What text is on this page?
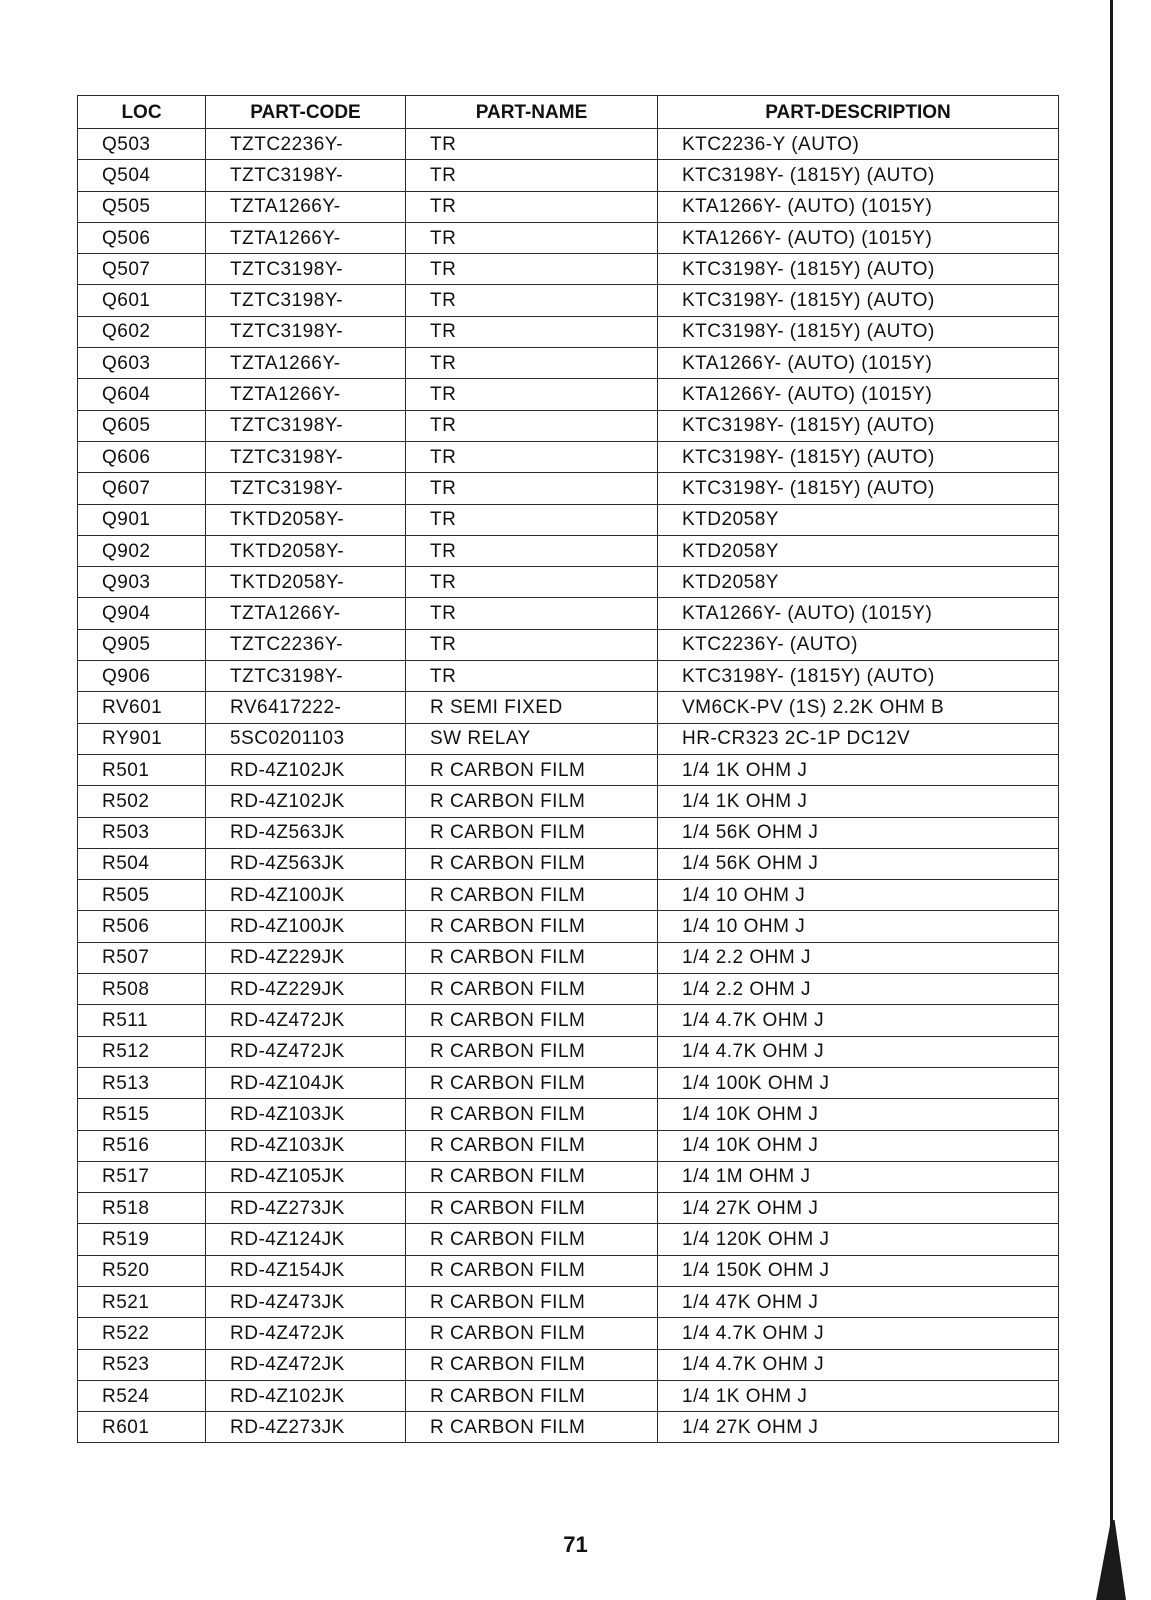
LOC	PART-CODE	PART-NAME	PART-DESCRIPTION
Q503	TZTC2236Y-	TR	KTC2236-Y (AUTO)
Q504	TZTC3198Y-	TR	KTC3198Y- (1815Y) (AUTO)
Q505	TZTA1266Y-	TR	KTA1266Y- (AUTO) (1015Y)
Q506	TZTA1266Y-	TR	KTA1266Y- (AUTO) (1015Y)
Q507	TZTC3198Y-	TR	KTC3198Y- (1815Y) (AUTO)
Q601	TZTC3198Y-	TR	KTC3198Y- (1815Y) (AUTO)
Q602	TZTC3198Y-	TR	KTC3198Y- (1815Y) (AUTO)
Q603	TZTA1266Y-	TR	KTA1266Y- (AUTO) (1015Y)
Q604	TZTA1266Y-	TR	KTA1266Y- (AUTO) (1015Y)
Q605	TZTC3198Y-	TR	KTC3198Y- (1815Y) (AUTO)
Q606	TZTC3198Y-	TR	KTC3198Y- (1815Y) (AUTO)
Q607	TZTC3198Y-	TR	KTC3198Y- (1815Y) (AUTO)
Q901	TKTD2058Y-	TR	KTD2058Y
Q902	TKTD2058Y-	TR	KTD2058Y
Q903	TKTD2058Y-	TR	KTD2058Y
Q904	TZTA1266Y-	TR	KTA1266Y- (AUTO) (1015Y)
Q905	TZTC2236Y-	TR	KTC2236Y- (AUTO)
Q906	TZTC3198Y-	TR	KTC3198Y- (1815Y) (AUTO)
RV601	RV6417222-	R SEMI FIXED	VM6CK-PV (1S) 2.2K OHM B
RY901	5SC0201103	SW RELAY	HR-CR323 2C-1P DC12V
R501	RD-4Z102JK	R CARBON FILM	1/4 1K OHM J
R502	RD-4Z102JK	R CARBON FILM	1/4 1K OHM J
R503	RD-4Z563JK	R CARBON FILM	1/4 56K OHM J
R504	RD-4Z563JK	R CARBON FILM	1/4 56K OHM J
R505	RD-4Z100JK	R CARBON FILM	1/4 10 OHM J
R506	RD-4Z100JK	R CARBON FILM	1/4 10 OHM J
R507	RD-4Z229JK	R CARBON FILM	1/4 2.2 OHM J
R508	RD-4Z229JK	R CARBON FILM	1/4 2.2 OHM J
R511	RD-4Z472JK	R CARBON FILM	1/4 4.7K OHM J
R512	RD-4Z472JK	R CARBON FILM	1/4 4.7K OHM J
R513	RD-4Z104JK	R CARBON FILM	1/4 100K OHM J
R515	RD-4Z103JK	R CARBON FILM	1/4 10K OHM J
R516	RD-4Z103JK	R CARBON FILM	1/4 10K OHM J
R517	RD-4Z105JK	R CARBON FILM	1/4 1M OHM J
R518	RD-4Z273JK	R CARBON FILM	1/4 27K OHM J
R519	RD-4Z124JK	R CARBON FILM	1/4 120K OHM J
R520	RD-4Z154JK	R CARBON FILM	1/4 150K OHM J
R521	RD-4Z473JK	R CARBON FILM	1/4 47K OHM J
R522	RD-4Z472JK	R CARBON FILM	1/4 4.7K OHM J
R523	RD-4Z472JK	R CARBON FILM	1/4 4.7K OHM J
R524	RD-4Z102JK	R CARBON FILM	1/4 1K OHM J
R601	RD-4Z273JK	R CARBON FILM	1/4 27K OHM J
71
